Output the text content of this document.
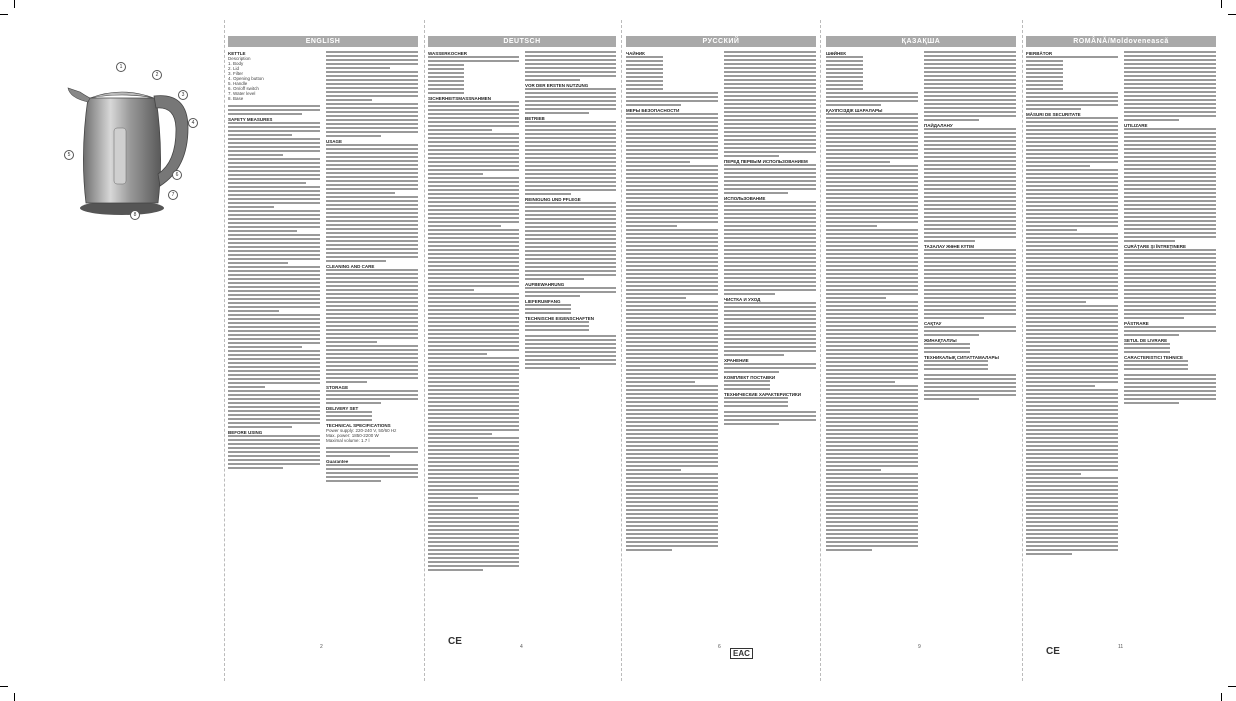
1
2
3
4
5
6
7
8
ENGLISH
KETTLE
Description
1. Body
2. Lid
3. Filter
4. Opening button
5. Handle
6. On/off switch
7. Water level
8. Base
SAFETY MEASURES
BEFORE USING
USAGE
CLEANING AND CARE
STORAGE
DELIVERY SET
TECHNICAL SPECIFICATIONS
Power supply: 220-240 V, 50/60 Hz
Max. power: 1850-2200 W
Maximal volume: 1.7 l
Guarantee
2
DEUTSCH
WASSERKOCHER
SICHERHEITSMASSNAHMEN
VOR DER ERSTEN NUTZUNG
BETRIEB
REINIGUNG UND PFLEGE
AUFBEWAHRUNG
LIEFERUMFANG
TECHNISCHE EIGENSCHAFTEN
CE	4
РУССКИЙ
ЧАЙНИК
МЕРЫ БЕЗОПАСНОСТИ
ПЕРЕД ПЕРВЫМ ИСПОЛЬЗОВАНИЕМ
ИСПОЛЬЗОВАНИЕ
ЧИСТКА И УХОД
ХРАНЕНИЕ
КОМПЛЕКТ ПОСТАВКИ
ТЕХНИЧЕСКИЕ ХАРАКТЕРИСТИКИ
EAC
6
ҚАЗАҚША
ШӘЙНЕК
ҚАУІПСІЗДІК ШАРАЛАРЫ
ПАЙДАЛАНУ
ТАЗАЛАУ ЖӘНЕ КҮТІМ
САҚТАУ
ЖИНАҚТАЛУЫ
ТЕХНИКАЛЫҚ СИПАТТАМАЛАРЫ
9
ROMÂNĂ/Moldovenească
FIERBĂTOR
MĂSURI DE SECURITATE
UTILIZARE
CURĂŢARE ŞI ÎNTREŢINERE
PĂSTRARE
SETUL DE LIVRARE
CARACTERISTICI TEHNICE
CE	11
